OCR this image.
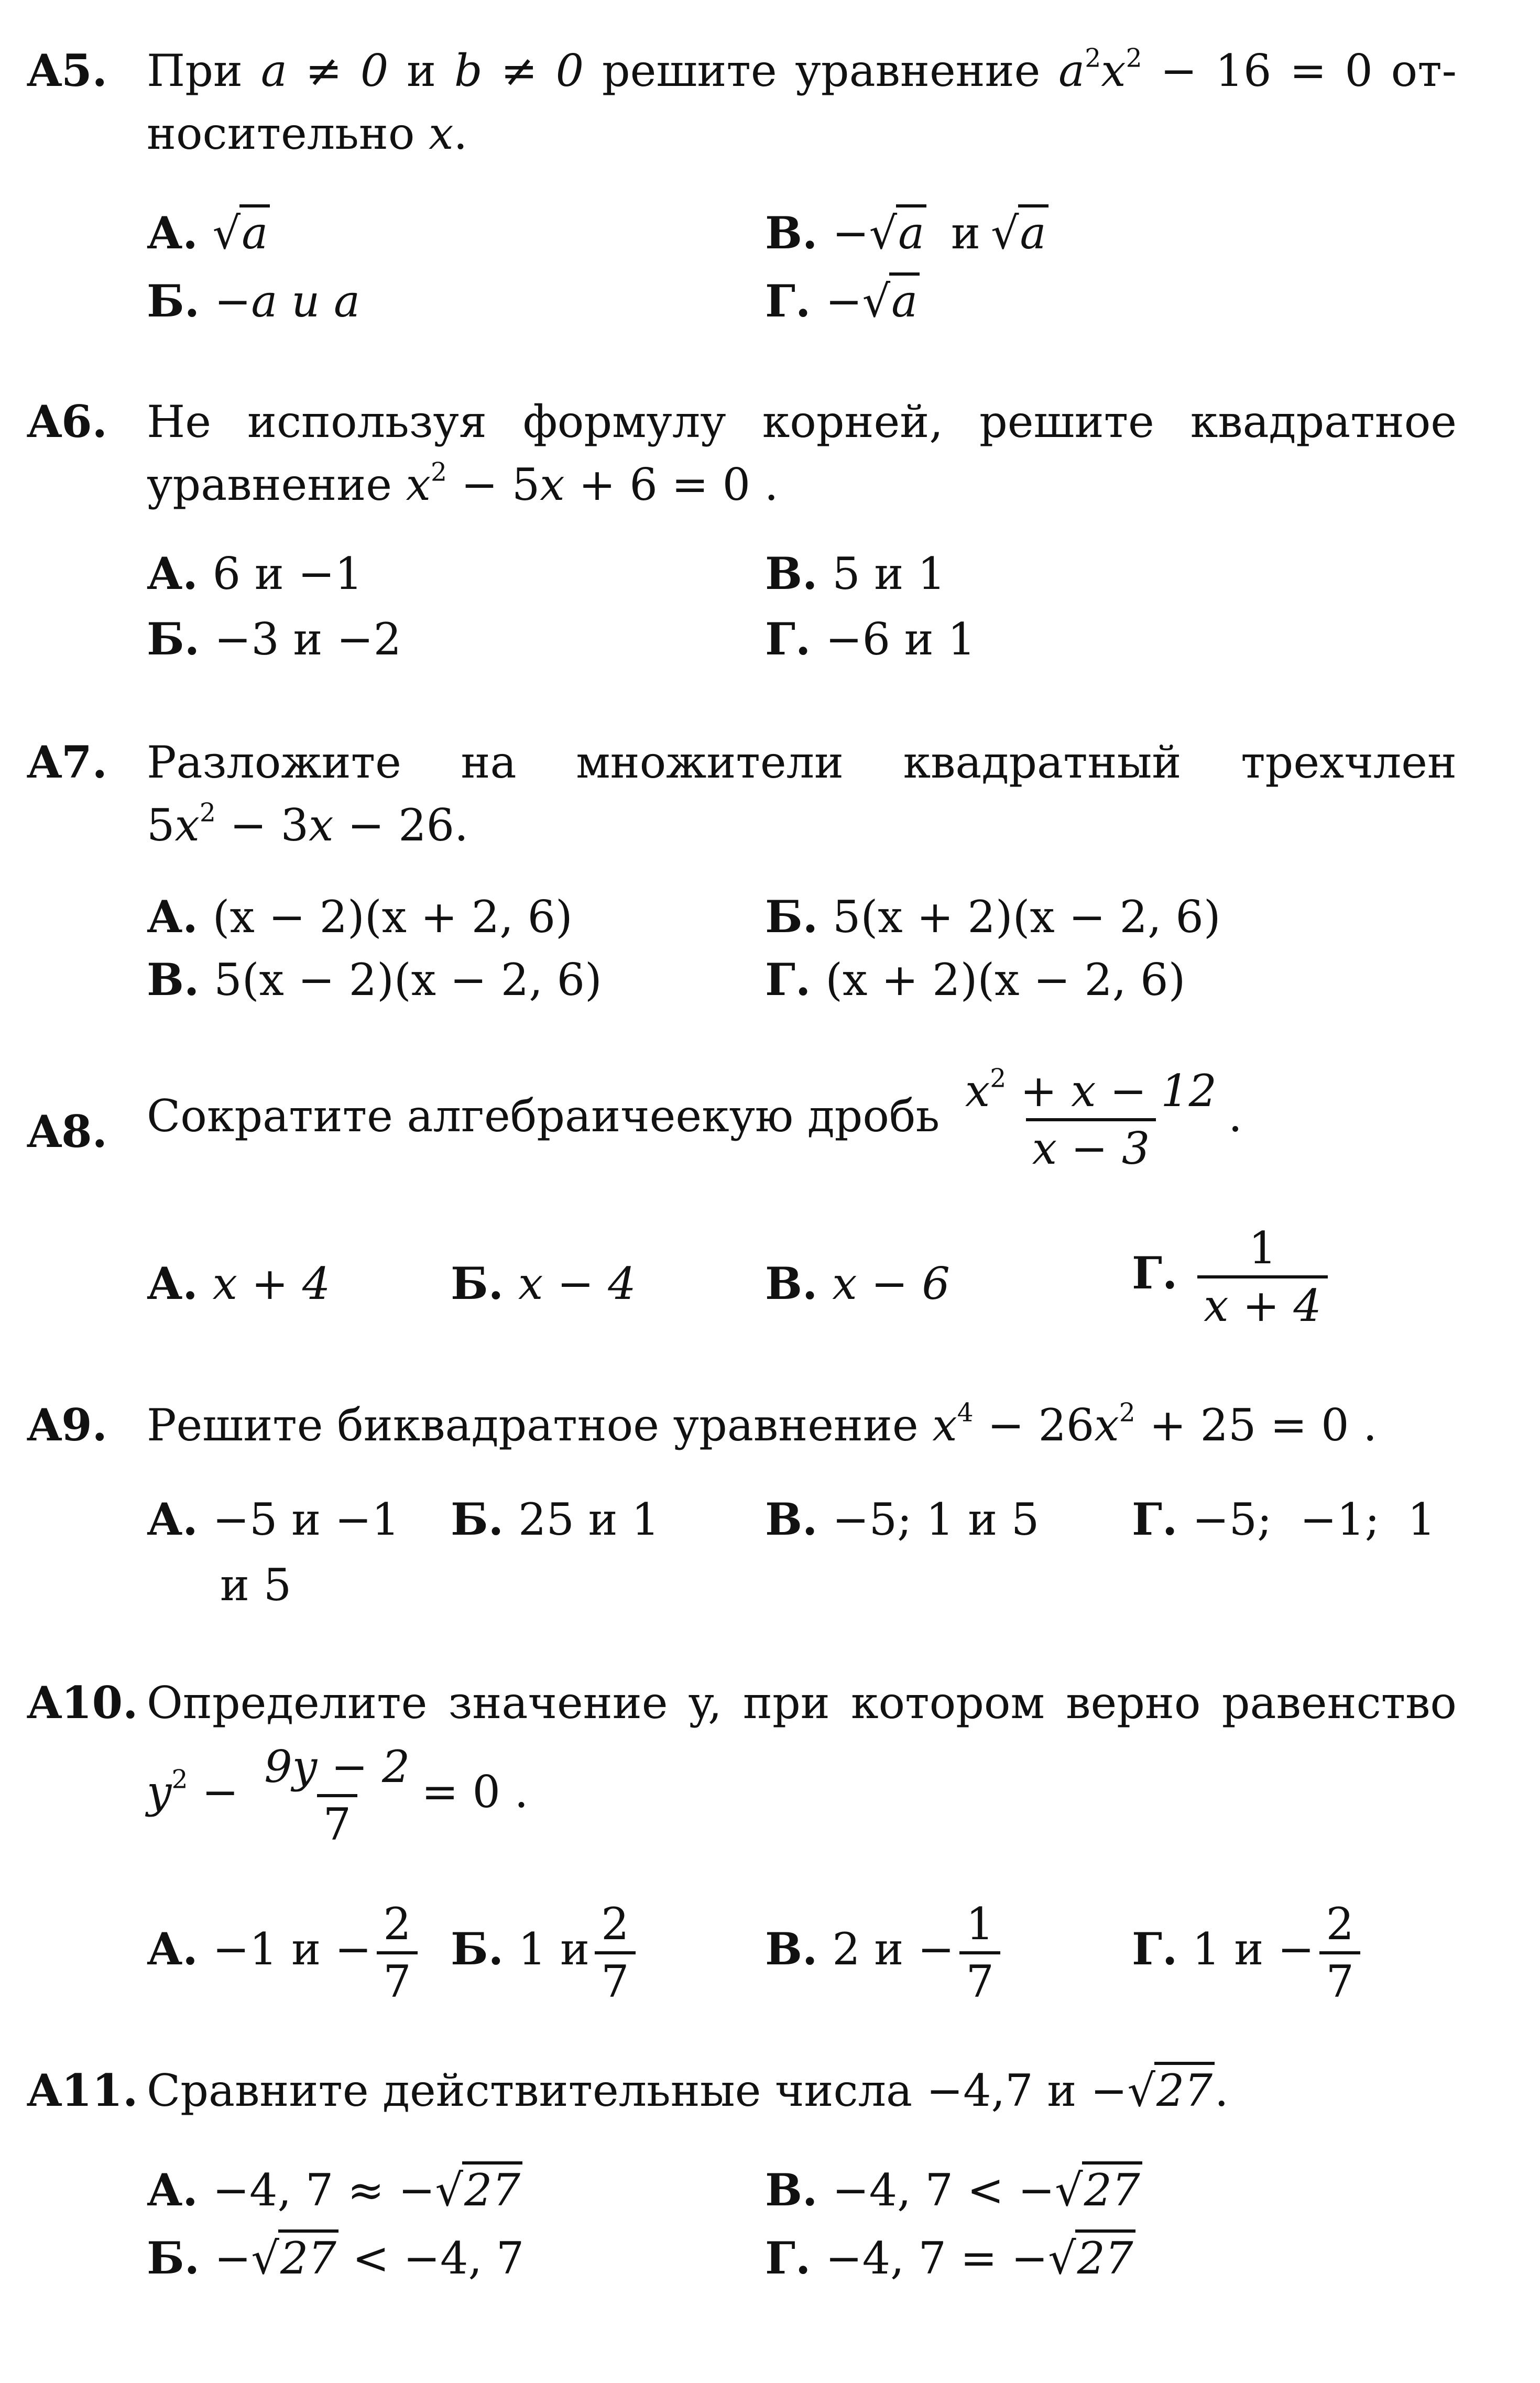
A5. При a ≠ 0 и b ≠ 0 решите уравнение $a^2x^2 - 16 = 0$ от-
носительно x.
А. √a	В. −√a и √a
Б. −a и a	Г. −√a
A6. Не используя формулу корней, решите квадратное
уравнение $x^2 - 5x + 6 = 0$ .
А. 6 и −1	В. 5 и 1
Б. −3 и −2	Г. −6 и 1
A7. Разложите на множители квадратный трехчлен
$5x^2 - 3x - 26$.
А. (x − 2)(x + 2, 6)	Б. 5(x + 2)(x − 2, 6)
В. 5(x − 2)(x − 2, 6)	Г. (x + 2)(x − 2, 6)
A8. Сократите алгебраичеекую дробь $\frac{x^2 + x - 12}{x - 3}$ .
А. x + 4	Б. x − 4	В. x − 6	Г. $\frac{1}{x + 4}$
A9. Решите биквадратное уравнение $x^4 - 26x^2 + 25 = 0$ .
А. −5 и −1 Б. 25 и 1 В. −5; 1 и 5 Г. −5;  −1;  1
и 5
A10. Определите значение y, при котором верно равенство
$y^2 - \frac{9y - 2}{7} = 0$ .
А. −1 $и - \frac{2}{7} Б$. 1 и $\frac{2}{7}$	В. 2 $и - \frac{1}{7}$	Г. 1 $и - \frac{2}{7}$
A11. Сравните действительные числа −4,7 и −√27.
А. −4, 7 ≈ −√27	В. −4, 7 < −√27
Б. −√27 < −4, 7	Г. −4, 7 = −√27
